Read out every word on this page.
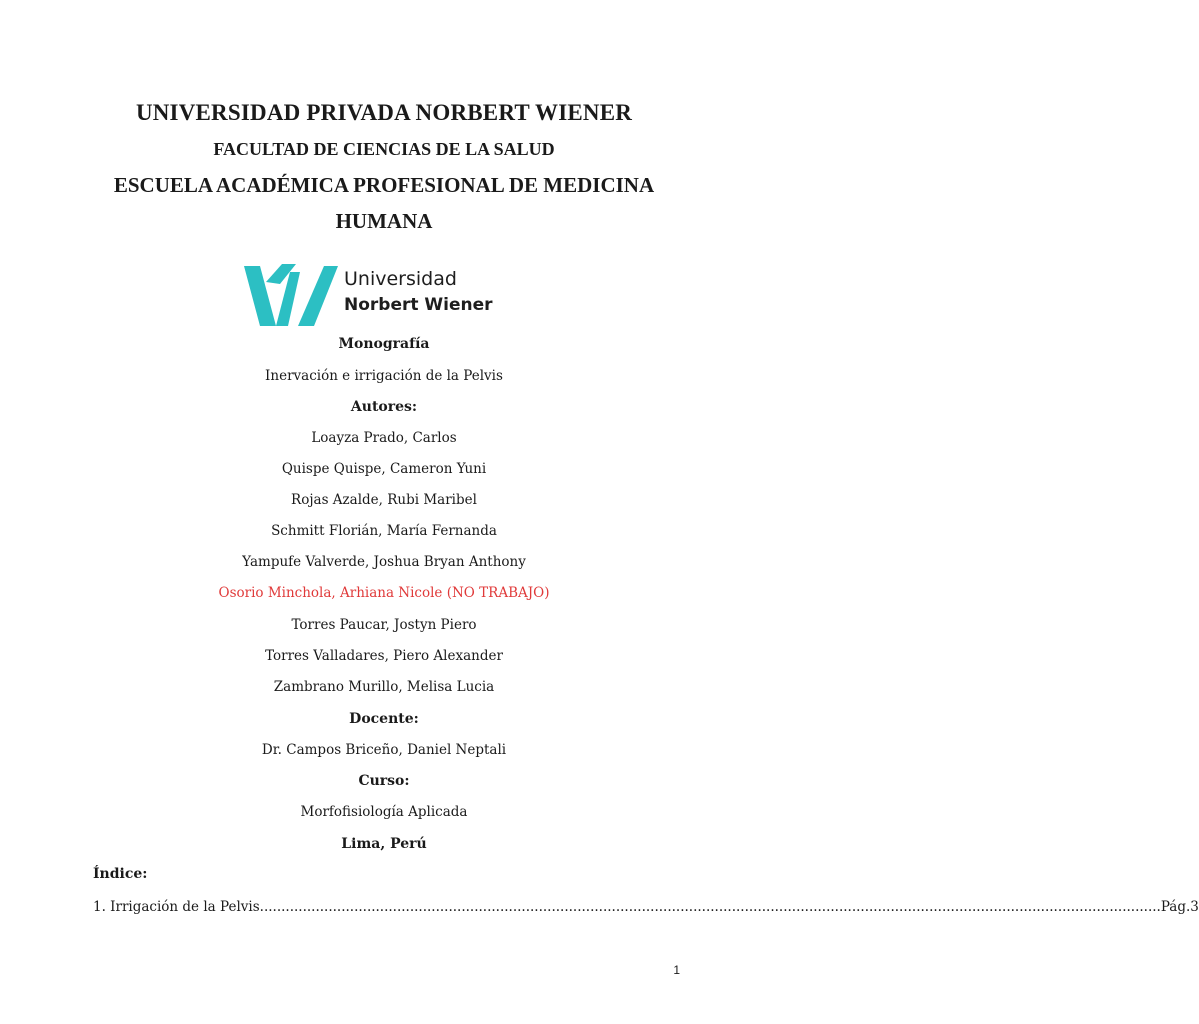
UNIVERSIDAD PRIVADA NORBERT WIENER
FACULTAD DE CIENCIAS DE LA SALUD
ESCUELA ACADÉMICA PROFESIONAL DE MEDICINA
HUMANA
Universidad
Norbert Wiener
Monografía
Inervación e irrigación de la Pelvis
Autores:
Loayza Prado, Carlos
Quispe Quispe, Cameron Yuni
Rojas Azalde, Rubi Maribel
Schmitt Florián, María Fernanda
Yampufe Valverde, Joshua Bryan Anthony
Osorio Minchola, Arhiana Nicole (NO TRABAJO)
Torres Paucar, Jostyn Piero
Torres Valladares, Piero Alexander
Zambrano Murillo, Melisa Lucia
Docente:
Dr. Campos Briceño, Daniel Neptali
Curso:
Morfofisiología Aplicada
Lima, Perú
Índice:
1. Irrigación de la Pelvis .................................................................................................................................................................................................................. Pág.3
1
